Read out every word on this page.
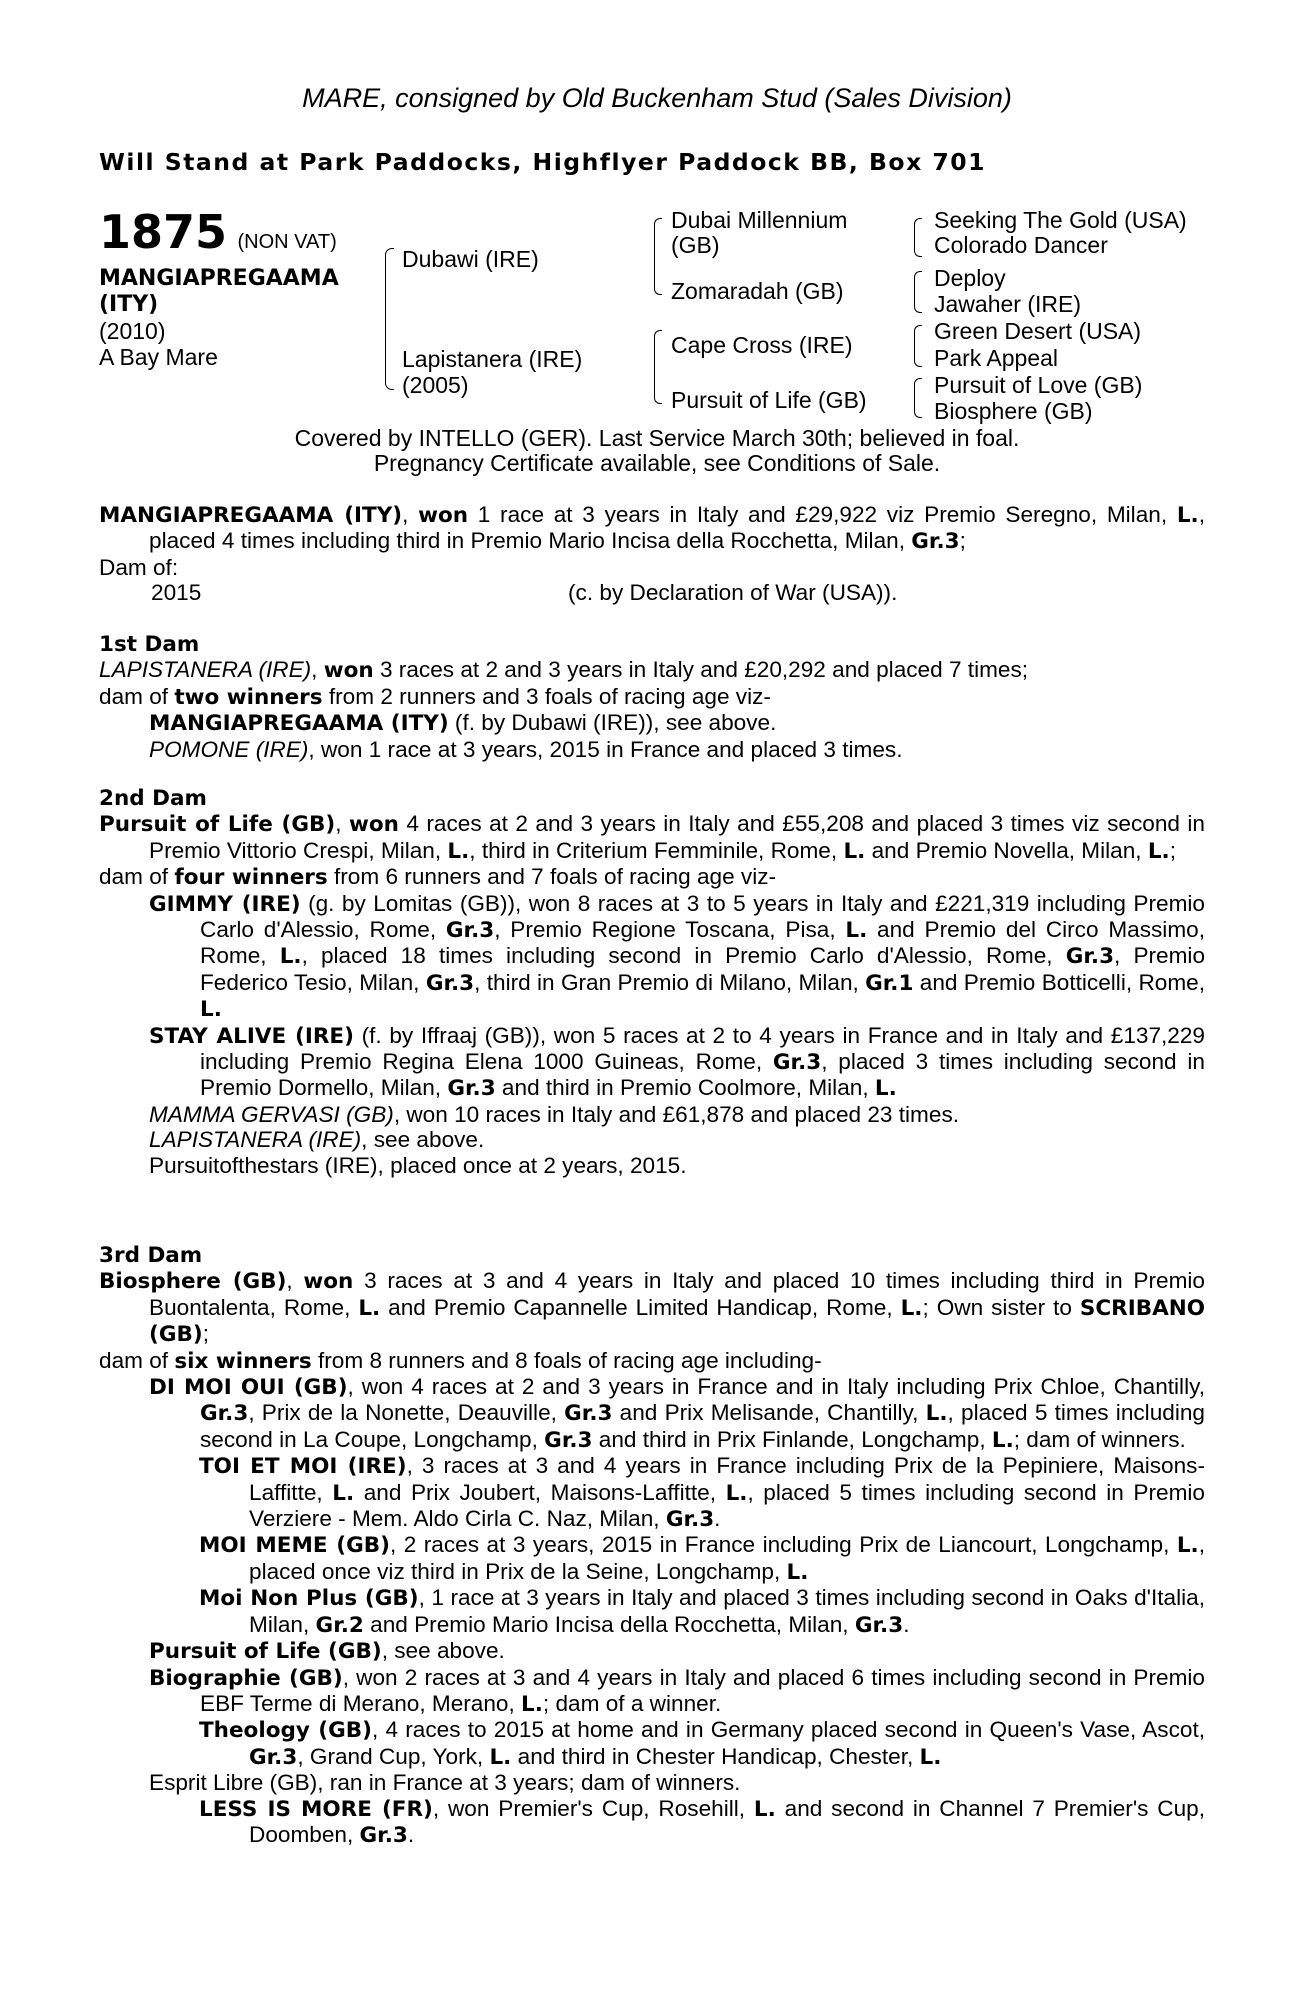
MARE, consigned by Old Buckenham Stud (Sales Division)
Will Stand at Park Paddocks, Highflyer Paddock BB, Box 701
1875 (NON VAT)
MANGIAPREGAAMA
(ITY)
(2010)
A Bay Mare
Dubawi (IRE)
Lapistanera (IRE)
(2005)
Dubai Millennium
(GB)
Zomaradah (GB)
Cape Cross (IRE)
Pursuit of Life (GB)
Seeking The Gold (USA)
Colorado Dancer
Deploy
Jawaher (IRE)
Green Desert (USA)
Park Appeal
Pursuit of Love (GB)
Biosphere (GB)
Covered by INTELLO (GER). Last Service March 30th; believed in foal.
Pregnancy Certificate available, see Conditions of Sale.

MANGIAPREGAAMA (ITY), won 1 race at 3 years in Italy and £29,922 viz Premio Seregno, Milan, L., placed 4 times including third in Premio Mario Incisa della Rocchetta, Milan, Gr.3;

Dam of:

2015	(c. by Declaration of War (USA)).

1st Dam

LAPISTANERA (IRE), won 3 races at 2 and 3 years in Italy and £20,292 and placed 7 times;

dam of two winners from 2 runners and 3 foals of racing age viz-

MANGIAPREGAAMA (ITY) (f. by Dubawi (IRE)), see above.

POMONE (IRE), won 1 race at 3 years, 2015 in France and placed 3 times.

2nd Dam

Pursuit of Life (GB), won 4 races at 2 and 3 years in Italy and £55,208 and placed 3 times viz second in Premio Vittorio Crespi, Milan, L., third in Criterium Femminile, Rome, L. and Premio Novella, Milan, L.;

dam of four winners from 6 runners and 7 foals of racing age viz-

GIMMY (IRE) (g. by Lomitas (GB)), won 8 races at 3 to 5 years in Italy and £221,319 including Premio Carlo d'Alessio, Rome, Gr.3, Premio Regione Toscana, Pisa, L. and Premio del Circo Massimo, Rome, L., placed 18 times including second in Premio Carlo d'Alessio, Rome, Gr.3, Premio Federico Tesio, Milan, Gr.3, third in Gran Premio di Milano, Milan, Gr.1 and Premio Botticelli, Rome, L.

STAY ALIVE (IRE) (f. by Iffraaj (GB)), won 5 races at 2 to 4 years in France and in Italy and £137,229 including Premio Regina Elena 1000 Guineas, Rome, Gr.3, placed 3 times including second in Premio Dormello, Milan, Gr.3 and third in Premio Coolmore, Milan, L.

MAMMA GERVASI (GB), won 10 races in Italy and £61,878 and placed 23 times.

LAPISTANERA (IRE), see above.

Pursuitofthestars (IRE), placed once at 2 years, 2015.

3rd Dam

Biosphere (GB), won 3 races at 3 and 4 years in Italy and placed 10 times including third in Premio Buontalenta, Rome, L. and Premio Capannelle Limited Handicap, Rome, L.; Own sister to SCRIBANO (GB);

dam of six winners from 8 runners and 8 foals of racing age including-

DI MOI OUI (GB), won 4 races at 2 and 3 years in France and in Italy including Prix Chloe, Chantilly, Gr.3, Prix de la Nonette, Deauville, Gr.3 and Prix Melisande, Chantilly, L., placed 5 times including second in La Coupe, Longchamp, Gr.3 and third in Prix Finlande, Longchamp, L.; dam of winners.

TOI ET MOI (IRE), 3 races at 3 and 4 years in France including Prix de la Pepiniere, Maisons-Laffitte, L. and Prix Joubert, Maisons-Laffitte, L., placed 5 times including second in Premio Verziere - Mem. Aldo Cirla C. Naz, Milan, Gr.3.

MOI MEME (GB), 2 races at 3 years, 2015 in France including Prix de Liancourt, Longchamp, L., placed once viz third in Prix de la Seine, Longchamp, L.

Moi Non Plus (GB), 1 race at 3 years in Italy and placed 3 times including second in Oaks d'Italia, Milan, Gr.2 and Premio Mario Incisa della Rocchetta, Milan, Gr.3.

Pursuit of Life (GB), see above.

Biographie (GB), won 2 races at 3 and 4 years in Italy and placed 6 times including second in Premio EBF Terme di Merano, Merano, L.; dam of a winner.

Theology (GB), 4 races to 2015 at home and in Germany placed second in Queen's Vase, Ascot, Gr.3, Grand Cup, York, L. and third in Chester Handicap, Chester, L.

Esprit Libre (GB), ran in France at 3 years; dam of winners.

LESS IS MORE (FR), won Premier's Cup, Rosehill, L. and second in Channel 7 Premier's Cup, Doomben, Gr.3.
